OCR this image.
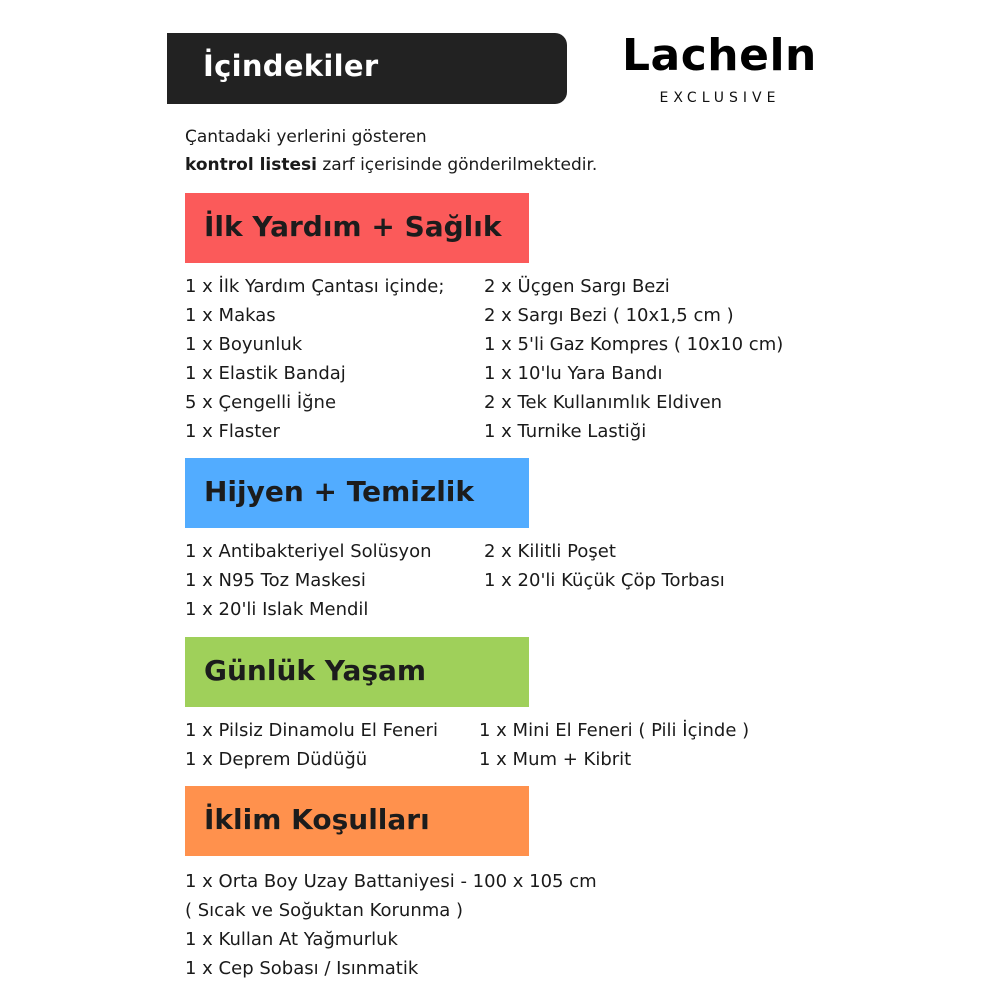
İçindekiler	Lacheln
EXCLUSIVE
Çantadaki yerlerini gösteren
kontrol listesi zarf içerisinde gönderilmektedir.
İlk Yardım + Sağlık
1 x İlk Yardım Çantası içinde;
1 x Makas
1 x Boyunluk
1 x Elastik Bandaj
5 x Çengelli İğne
1 x Flaster
2 x Üçgen Sargı Bezi
2 x Sargı Bezi ( 10x1,5 cm )
1 x 5'li Gaz Kompres ( 10x10 cm)
1 x 10'lu Yara Bandı
2 x Tek Kullanımlık Eldiven
1 x Turnike Lastiği
Hijyen + Temizlik
1 x Antibakteriyel Solüsyon
1 x N95 Toz Maskesi
1 x 20'li Islak Mendil
2 x Kilitli Poşet
1 x 20'li Küçük Çöp Torbası
Günlük Yaşam
1 x Pilsiz Dinamolu El Feneri
1 x Deprem Düdüğü
1 x Mini El Feneri ( Pili İçinde )
1 x Mum + Kibrit
İklim Koşulları
1 x Orta Boy Uzay Battaniyesi - 100 x 105 cm
( Sıcak ve Soğuktan Korunma )
1 x Kullan At Yağmurluk
1 x Cep Sobası / Isınmatik
